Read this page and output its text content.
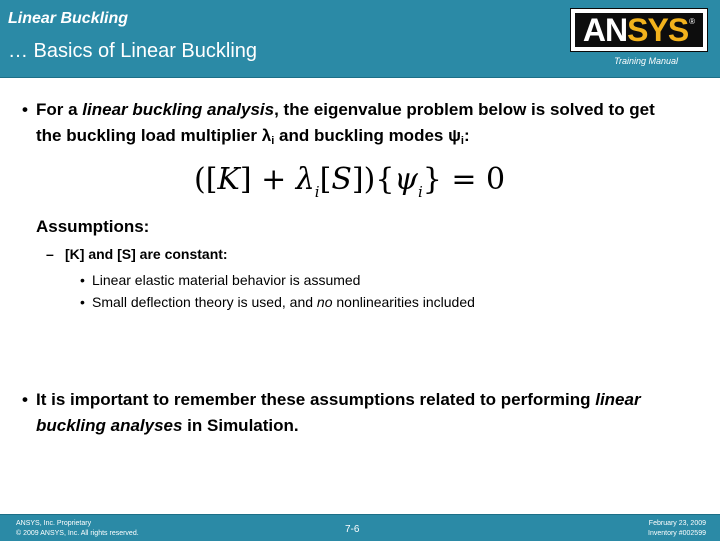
Linear Buckling
… Basics of Linear Buckling
AN SYS ®
Training Manual
• For a linear buckling analysis, the eigenvalue problem below is solved to get the buckling load multiplier $\lambda_i$ and buckling modes $\psi_i$:
$([K] + \lambda_i[S])\{\psi_i\} = 0$
Assumptions:
– [K] and [S] are constant:
• Linear elastic material behavior is assumed
• Small deflection theory is used, and no nonlinearities included
• It is important to remember these assumptions related to performing linear buckling analyses in Simulation.
ANSYS, Inc. Proprietary
© 2009 ANSYS, Inc. All rights reserved.	7-6
February 23, 2009
Inventory #002599
